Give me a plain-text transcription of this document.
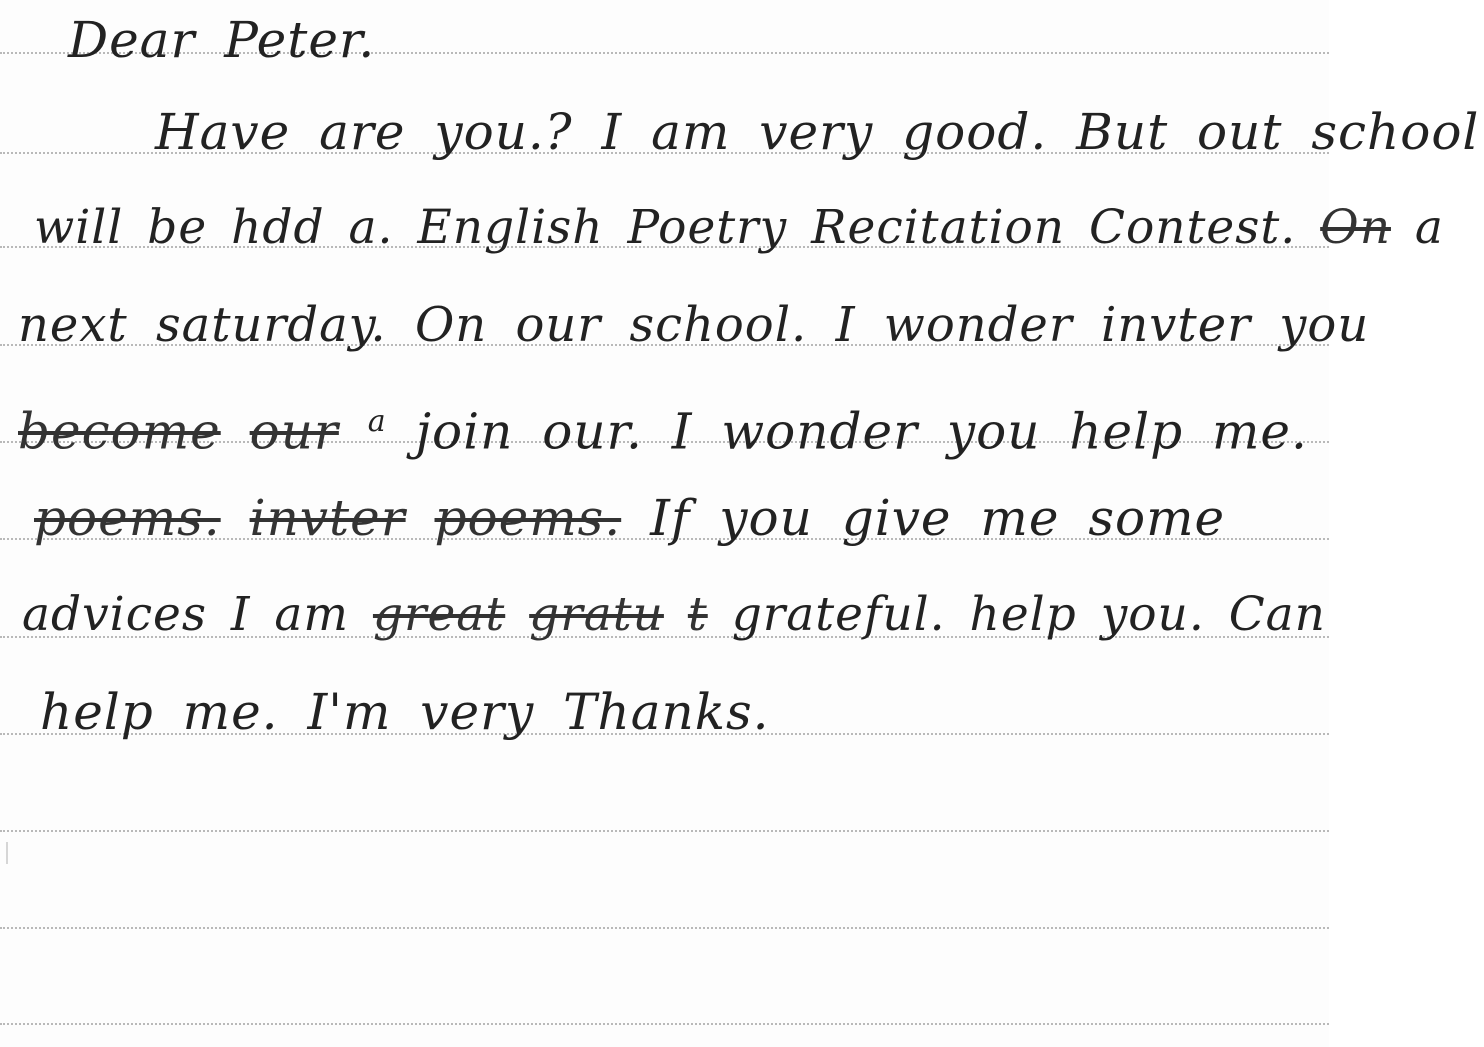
Dear Peter.
Have are you.? I am very good. But out school
will be hdd a. English Poetry Recitation Contest. On a
next saturday. On our school. I wonder invter you
become our $^a$ join our. I wonder you help me.
poems. invter poems. If you give me some
advices I am great gratu t grateful. help you. Can
help me. I'm very Thanks.
